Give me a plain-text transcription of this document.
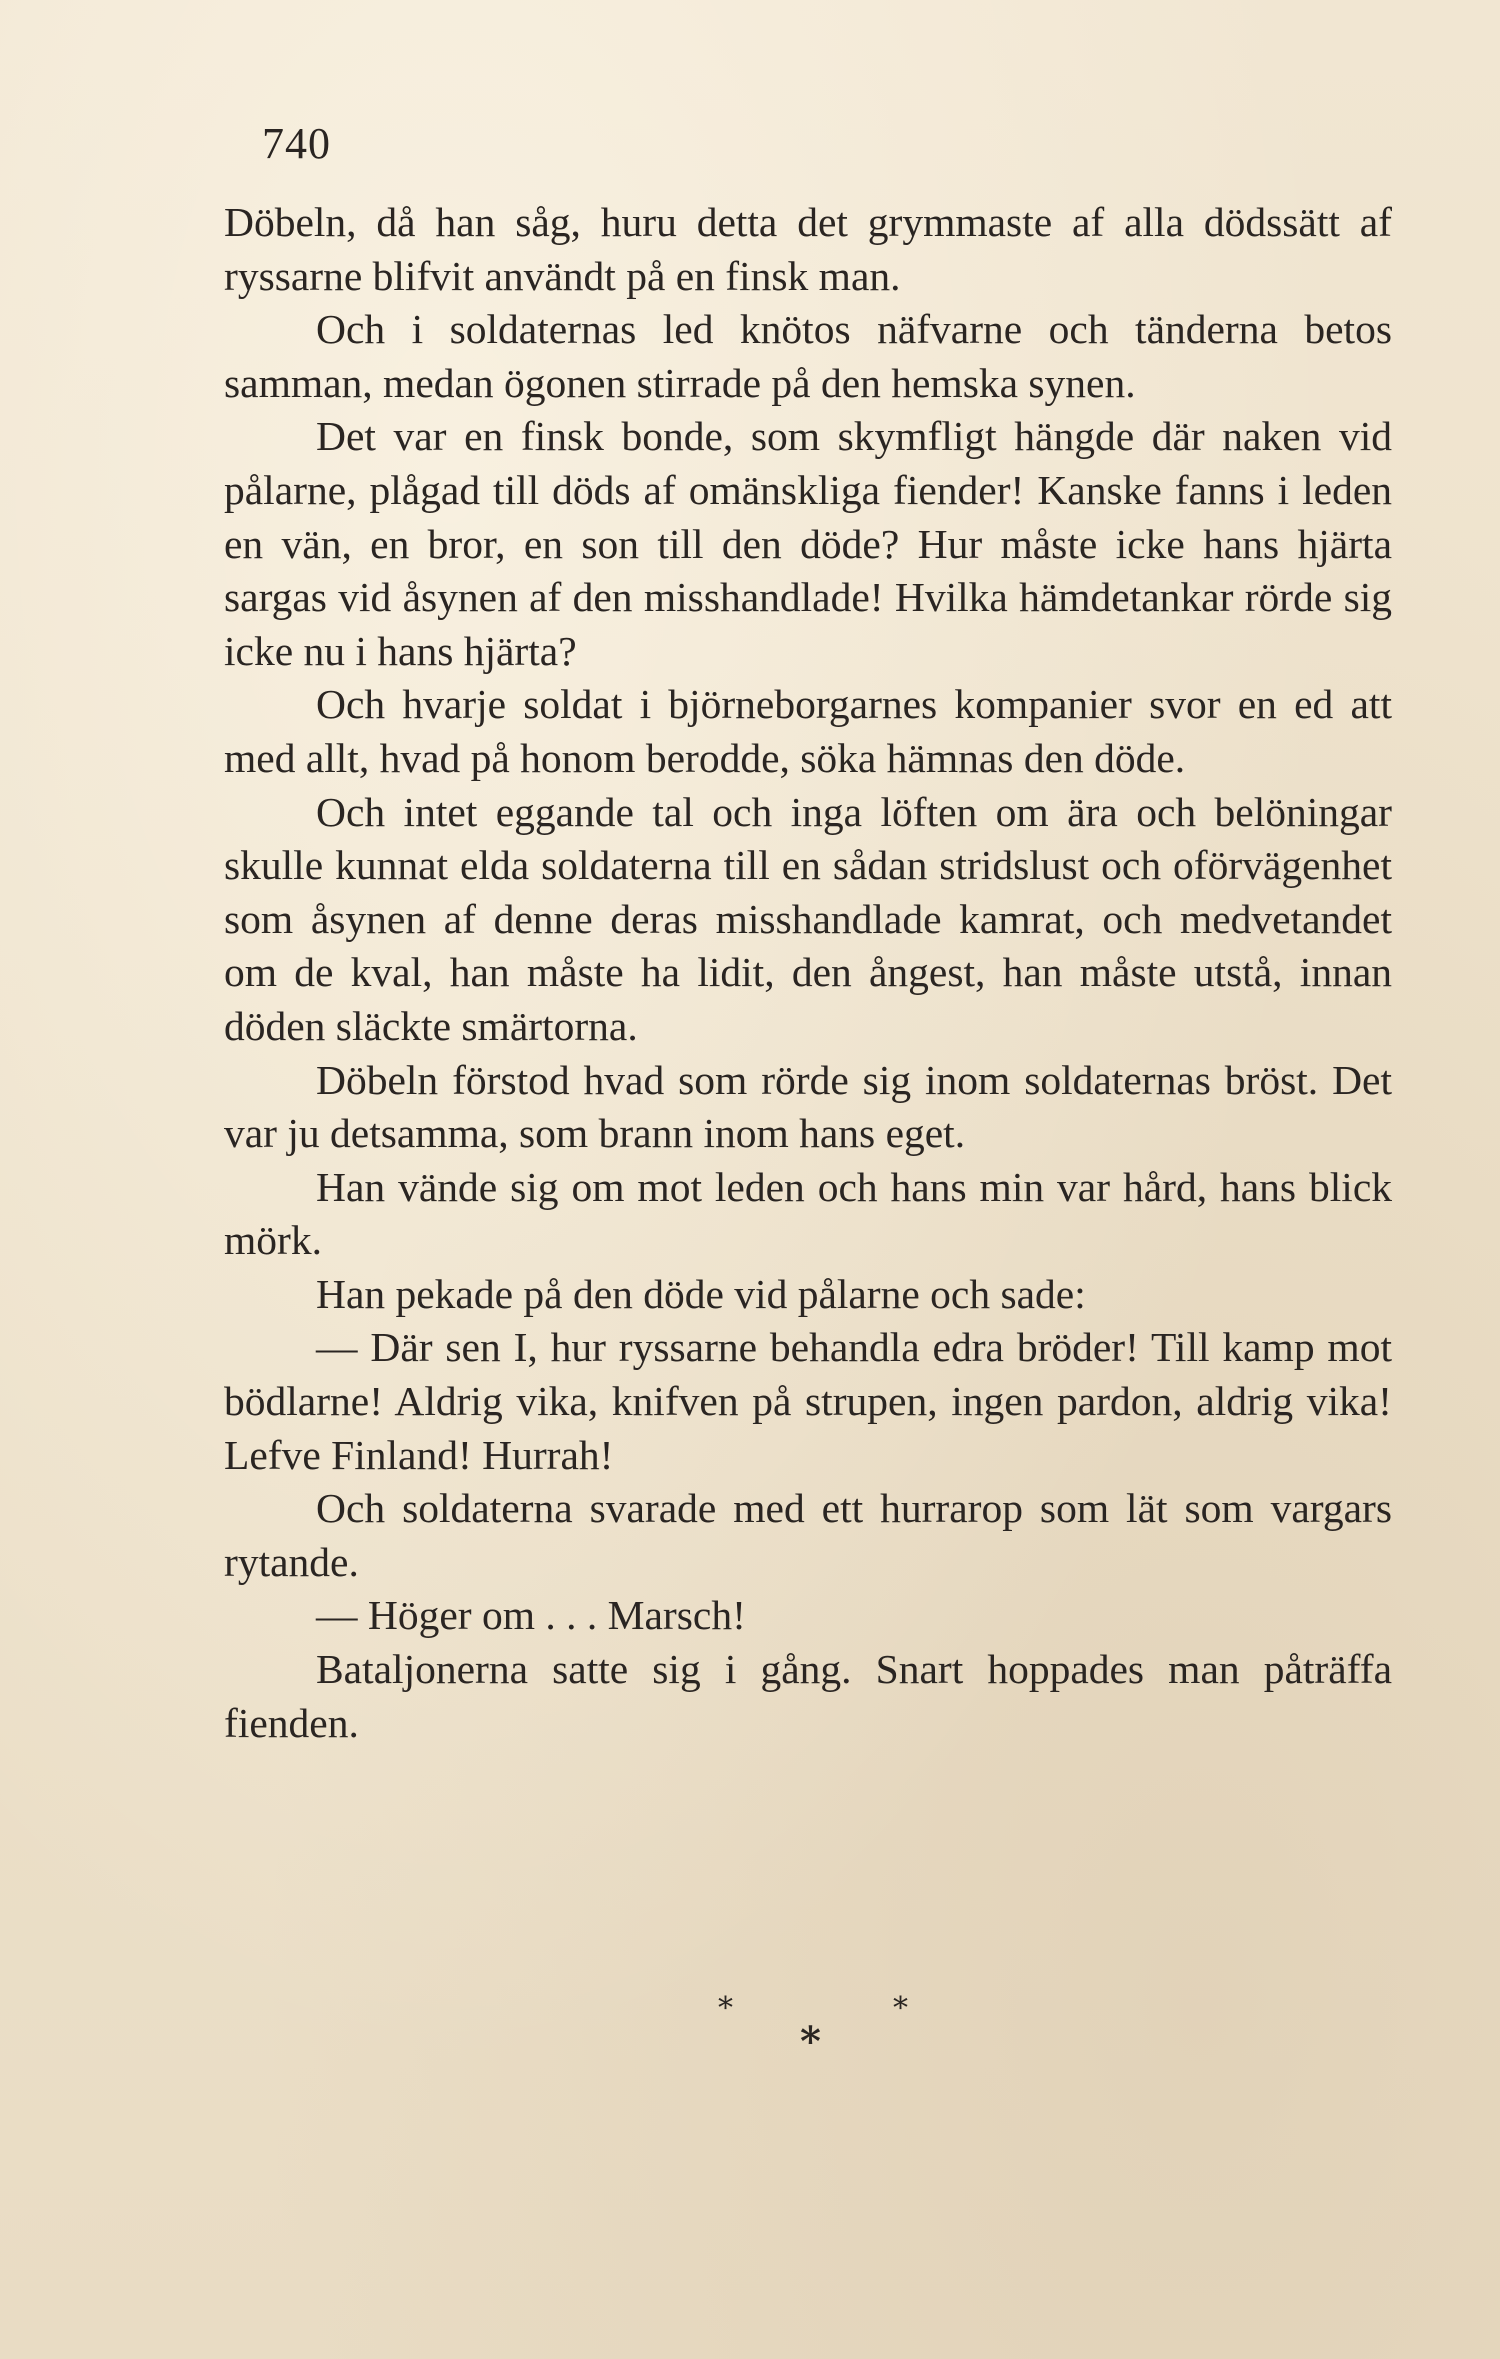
740

Döbeln, då han såg, huru detta det grymmaste af alla dödssätt af ryssarne blifvit användt på en finsk man.

Och i soldaternas led knötos näfvarne och tänderna betos samman, medan ögonen stirrade på den hemska synen.

Det var en finsk bonde, som skymfligt hängde där naken vid pålarne, plågad till döds af omänskliga fiender! Kanske fanns i leden en vän, en bror, en son till den döde? Hur måste icke hans hjärta sargas vid åsynen af den misshandlade! Hvilka hämdetankar rörde sig icke nu i hans hjärta?

Och hvarje soldat i björneborgarnes kompanier svor en ed att med allt, hvad på honom berodde, söka hämnas den döde.

Och intet eggande tal och inga löften om ära och belöningar skulle kunnat elda soldaterna till en sådan stridslust och oförvägenhet som åsynen af denne deras misshandlade kamrat, och medvetandet om de kval, han måste ha lidit, den ångest, han måste utstå, innan döden släckte smärtorna.

Döbeln förstod hvad som rörde sig inom soldaternas bröst. Det var ju detsamma, som brann inom hans eget.

Han vände sig om mot leden och hans min var hård, hans blick mörk.

Han pekade på den döde vid pålarne och sade:

— Där sen I, hur ryssarne behandla edra bröder! Till kamp mot bödlarne! Aldrig vika, knifven på strupen, ingen pardon, aldrig vika! Lefve Finland! Hurrah!

Och soldaterna svarade med ett hurrarop som lät som vargars rytande.

— Höger om . . . Marsch!

Bataljonerna satte sig i gång. Snart hoppades man påträffa fienden.

*	*
*
